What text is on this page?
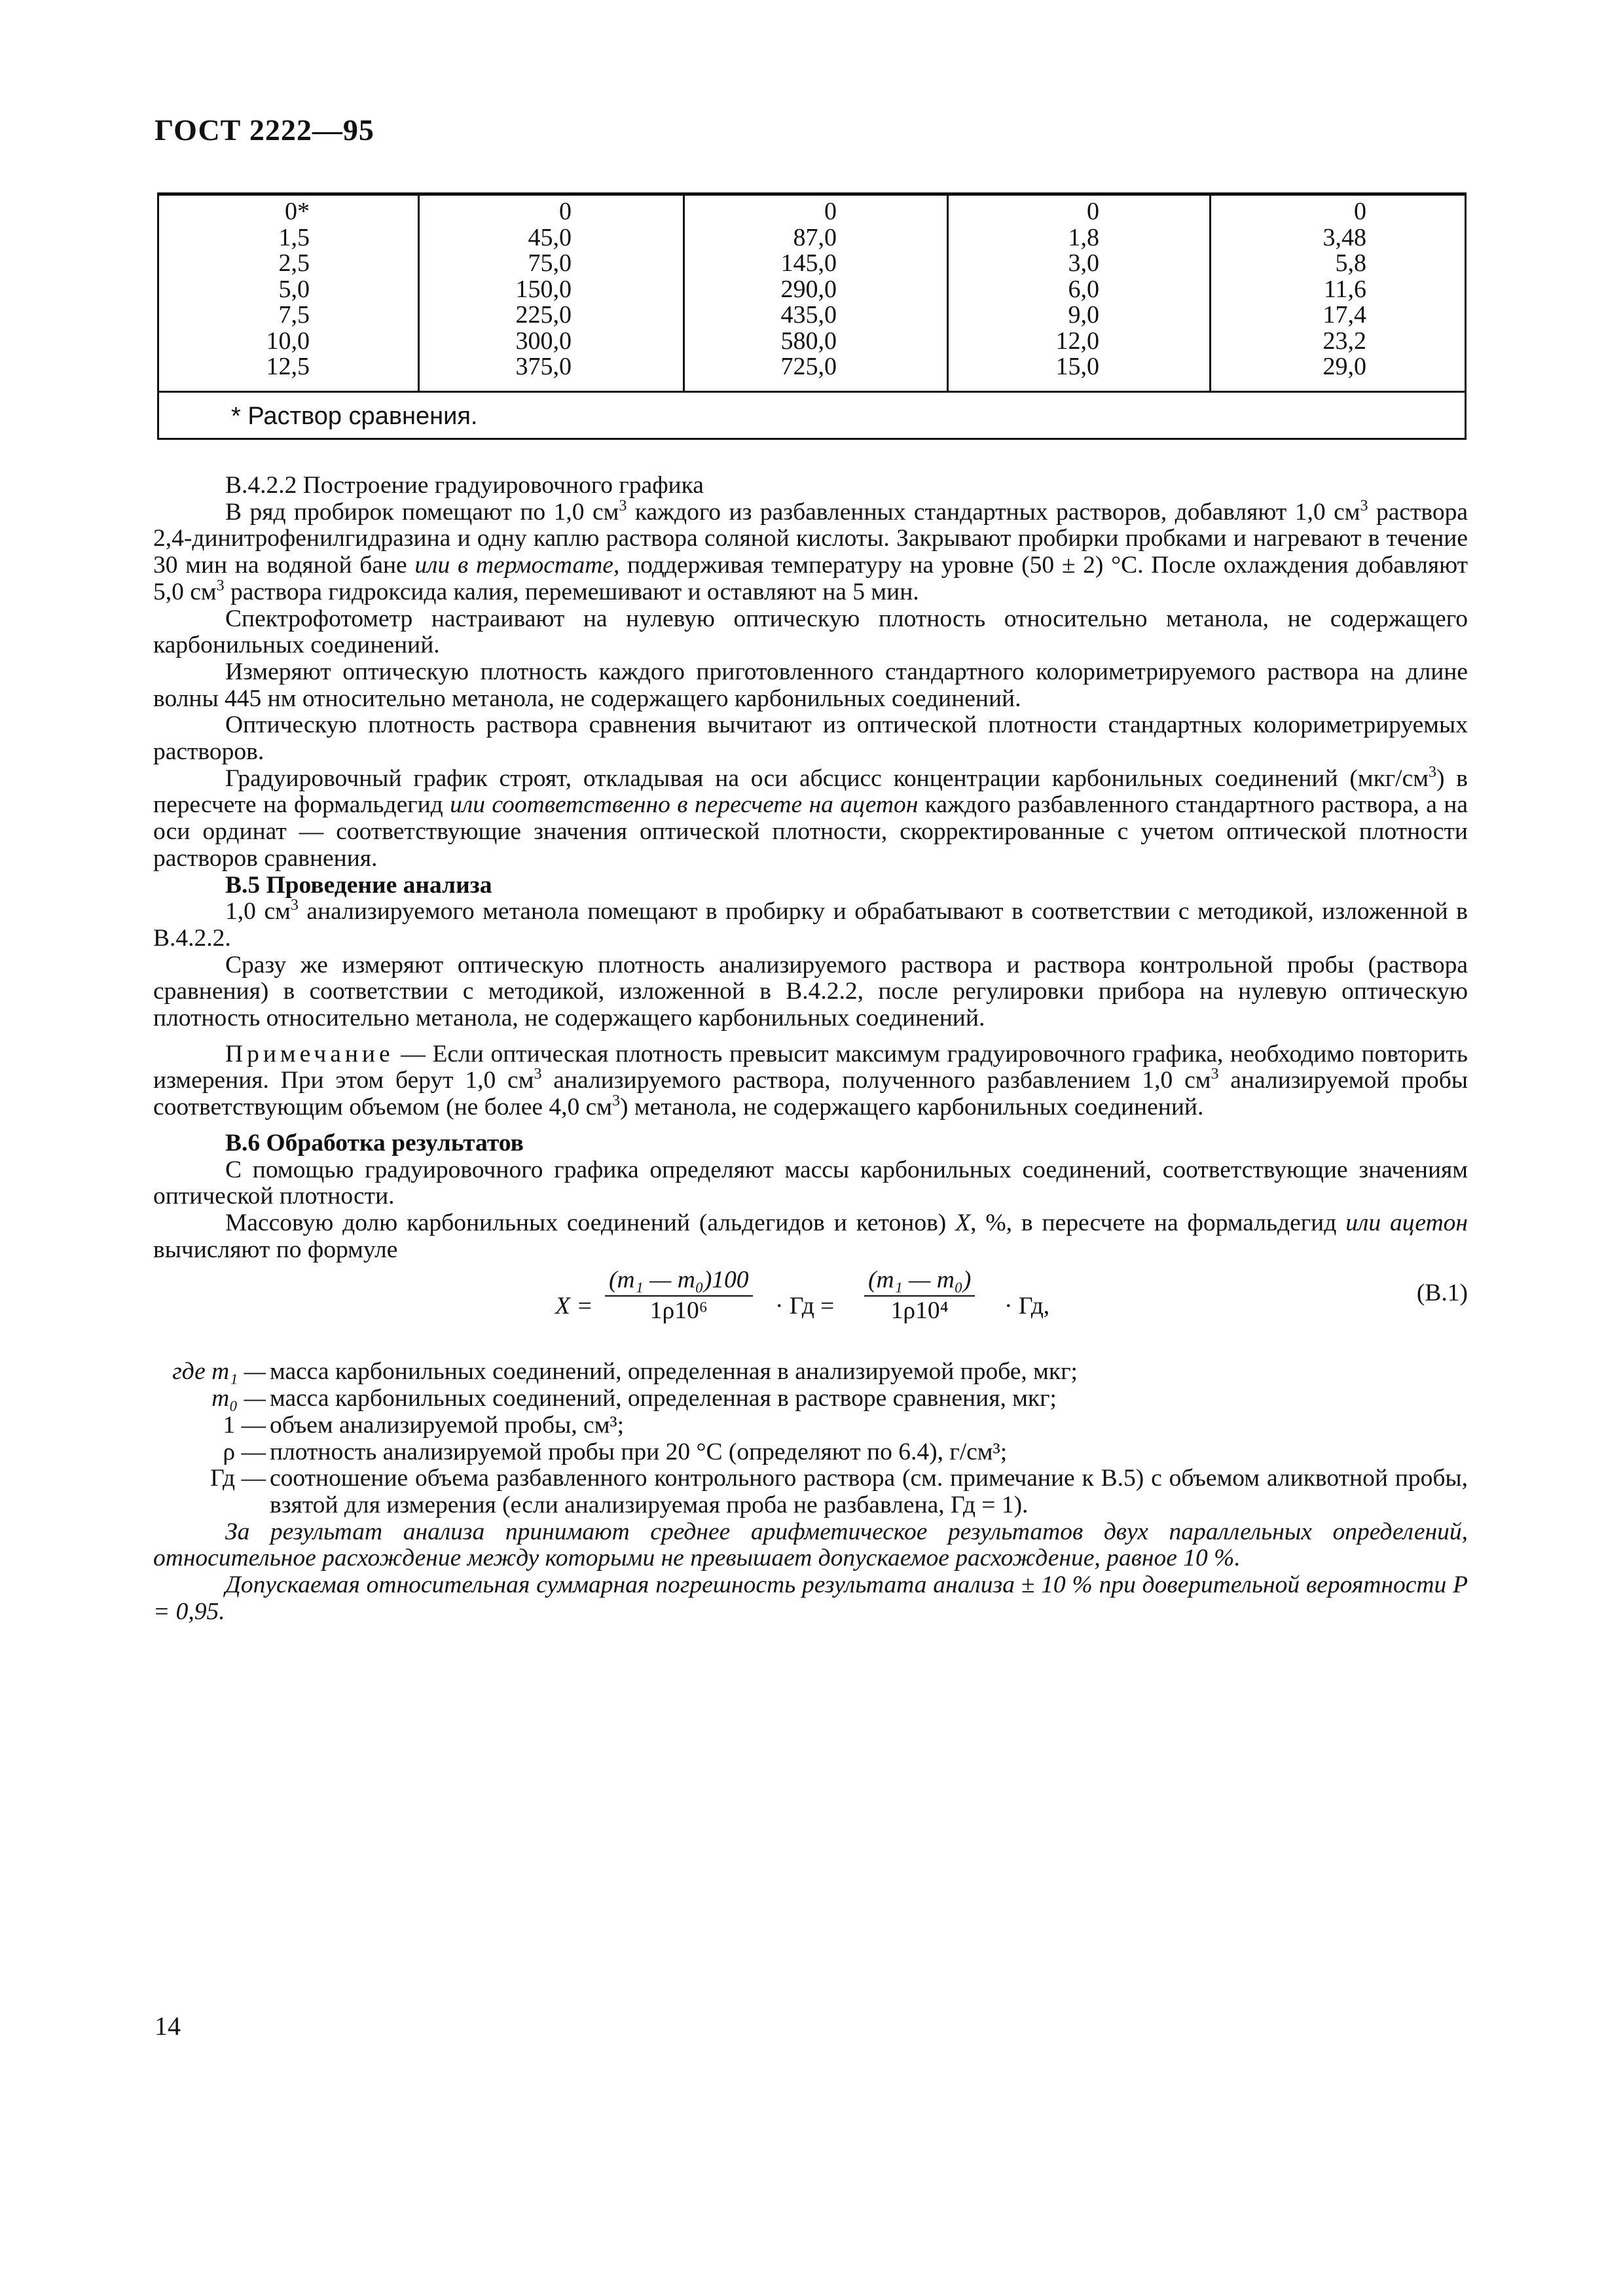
ГОСТ 2222—95
0*
1,5
2,5
5,0
7,5
10,0
12,5
0
45,0
75,0
150,0
225,0
300,0
375,0
0
87,0
145,0
290,0
435,0
580,0
725,0
0
1,8
3,0
6,0
9,0
12,0
15,0
0
3,48
5,8
11,6
17,4
23,2
29,0
* Раствор сравнения.

В.4.2.2 Построение градуировочного графика

В ряд пробирок помещают по 1,0 $см^3$ каждого из разбавленных стандартных растворов, добавляют 1,0 $см^3$ раствора 2,4-динитрофенилгидразина и одну каплю раствора соляной кислоты. Закрывают пробирки пробками и нагревают в течение 30 мин на водяной бане или в термостате, поддерживая температуру на уровне (50 ± 2) °С. После охлаждения добавляют 5,0 $см^3$ раствора гидроксида калия, перемешивают и оставляют на 5 мин.

Спектрофотометр настраивают на нулевую оптическую плотность относительно метанола, не содержащего карбонильных соединений.

Измеряют оптическую плотность каждого приготовленного стандартного колориметрируемого раствора на длине волны 445 нм относительно метанола, не содержащего карбонильных соединений.

Оптическую плотность раствора сравнения вычитают из оптической плотности стандартных колориметрируемых растворов.

Градуировочный график строят, откладывая на оси абсцисс концентрации карбонильных соединений $(мкг/см^3)$ в пересчете на формальдегид или соответственно в пересчете на ацетон каждого разбавленного стандартного раствора, а на оси ординат — соответствующие значения оптической плотности, скорректированные с учетом оптической плотности растворов сравнения.

В.5 Проведение анализа

1,0 $см^3$ анализируемого метанола помещают в пробирку и обрабатывают в соответствии с методикой, изложенной в В.4.2.2.

Сразу же измеряют оптическую плотность анализируемого раствора и раствора контрольной пробы (раствора сравнения) в соответствии с методикой, изложенной в В.4.2.2, после регулировки прибора на нулевую оптическую плотность относительно метанола, не содержащего карбонильных соединений.

Примечание — Если оптическая плотность превысит максимум градуировочного графика, необходимо повторить измерения. При этом берут 1,0 $см^3$ анализируемого раствора, полученного разбавлением 1,0 $см^3$ анализируемой пробы соответствующим объемом (не более 4,0 $см^3$) метанола, не содержащего карбонильных соединений.

В.6 Обработка результатов

С помощью градуировочного графика определяют массы карбонильных соединений, соответствующие значениям оптической плотности.

Массовую долю карбонильных соединений (альдегидов и кетонов) X, %, в пересчете на формальдегид или ацетон вычисляют по формуле

$X = \frac{\text{(m₁ — m₀)100}}{\text{1ρ10⁶}}$ · Гд = $\frac{\text{(m₁ — m₀)}}{\text{1ρ10⁴}}$ · Гд,	(В.1)
где m₁ — масса карбонильных соединений, определенная в анализируемой пробе, мкг;
m₀ — масса карбонильных соединений, определенная в растворе сравнения, мкг;
1 — объем анализируемой пробы, см³;
ρ — плотность анализируемой пробы при 20 °С (определяют по 6.4), г/см³;
Гд — соотношение объема разбавленного контрольного раствора (см. примечание к В.5) с объемом аликвотной пробы, взятой для измерения (если анализируемая проба не разбавлена, Гд = 1).

За результат анализа принимают среднее арифметическое результатов двух параллельных определений, относительное расхождение между которыми не превышает допускаемое расхождение, равное 10 %.

Допускаемая относительная суммарная погрешность результата анализа ± 10 % при доверительной вероятности P = 0,95.

14
